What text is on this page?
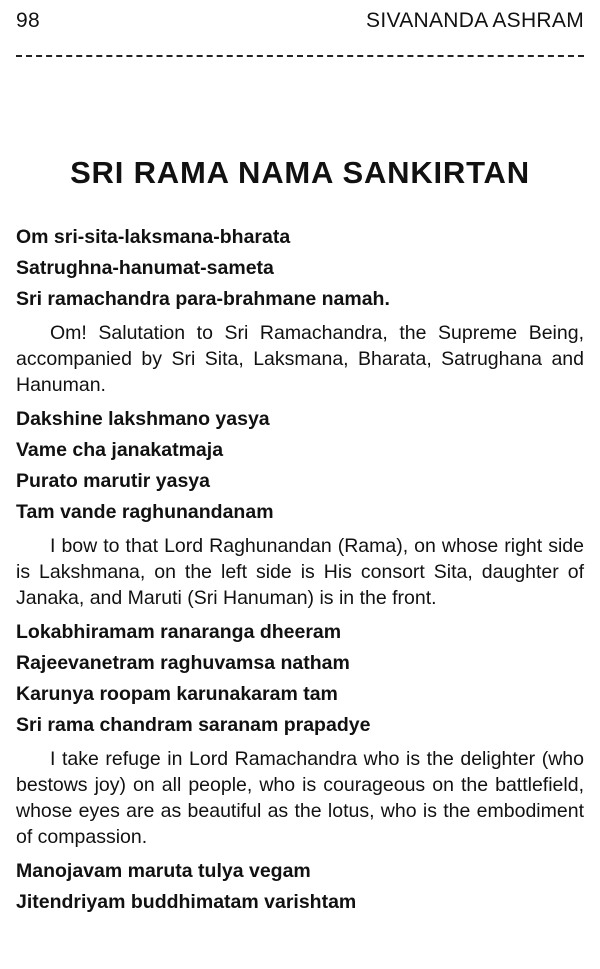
98	SIVANANDA ASHRAM
SRI RAMA NAMA SANKIRTAN

Om sri-sita-laksmana-bharata

Satrughna-hanumat-sameta

Sri ramachandra para-brahmane namah.

Om! Salutation to Sri Ramachandra, the Supreme Being, accompanied by Sri Sita, Laksmana, Bharata, Satrughana and Hanuman.

Dakshine lakshmano yasya

Vame cha janakatmaja

Purato marutir yasya

Tam vande raghunandanam

I bow to that Lord Raghunandan (Rama), on whose right side is Lakshmana, on the left side is His consort Sita, daughter of Janaka, and Maruti (Sri Hanuman) is in the front.

Lokabhiramam ranaranga dheeram

Rajeevanetram raghuvamsa natham

Karunya roopam karunakaram tam

Sri rama chandram saranam prapadye

I take refuge in Lord Ramachandra who is the delighter (who bestows joy) on all people, who is courageous on the battlefield, whose eyes are as beautiful as the lotus, who is the embodiment of compassion.

Manojavam maruta tulya vegam

Jitendriyam buddhimatam varishtam
